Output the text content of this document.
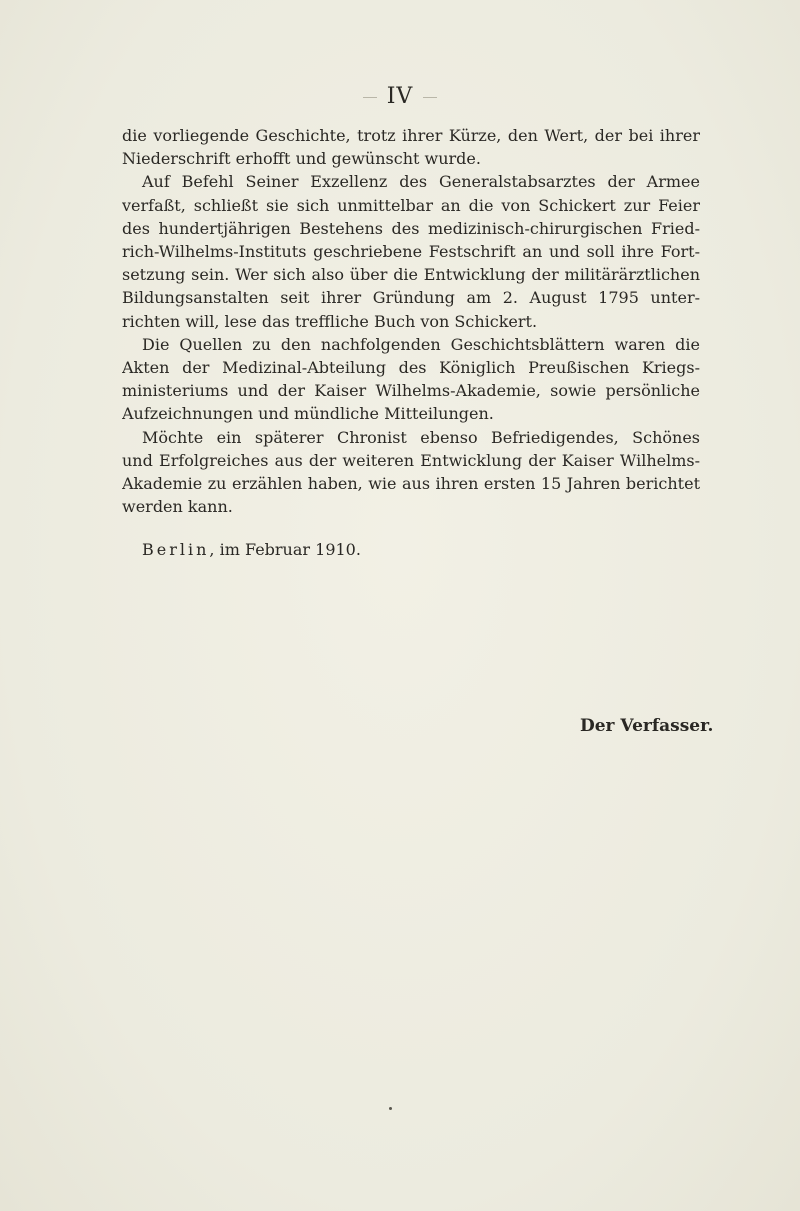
IV
die vorliegende Geschichte, trotz ihrer Kürze, den Wert, der bei ihrer
Niederschrift erhofft und gewünscht wurde.
Auf Befehl Seiner Exzellenz des Generalstabsarztes der Armee
verfaßt, schließt sie sich unmittelbar an die von Schickert zur Feier
des hundertjährigen Bestehens des medizinisch-chirurgischen Fried-
rich-Wilhelms-Instituts geschriebene Festschrift an und soll ihre Fort-
setzung sein. Wer sich also über die Entwicklung der militärärztlichen
Bildungsanstalten seit ihrer Gründung am 2. August 1795 unter-
richten will, lese das treffliche Buch von Schickert.
Die Quellen zu den nachfolgenden Geschichtsblättern waren die
Akten der Medizinal-Abteilung des Königlich Preußischen Kriegs-
ministeriums und der Kaiser Wilhelms-Akademie, sowie persönliche
Aufzeichnungen und mündliche Mitteilungen.
Möchte ein späterer Chronist ebenso Befriedigendes, Schönes
und Erfolgreiches aus der weiteren Entwicklung der Kaiser Wilhelms-
Akademie zu erzählen haben, wie aus ihren ersten 15 Jahren berichtet
werden kann.
Berlin, im Februar 1910.
Der Verfasser.
